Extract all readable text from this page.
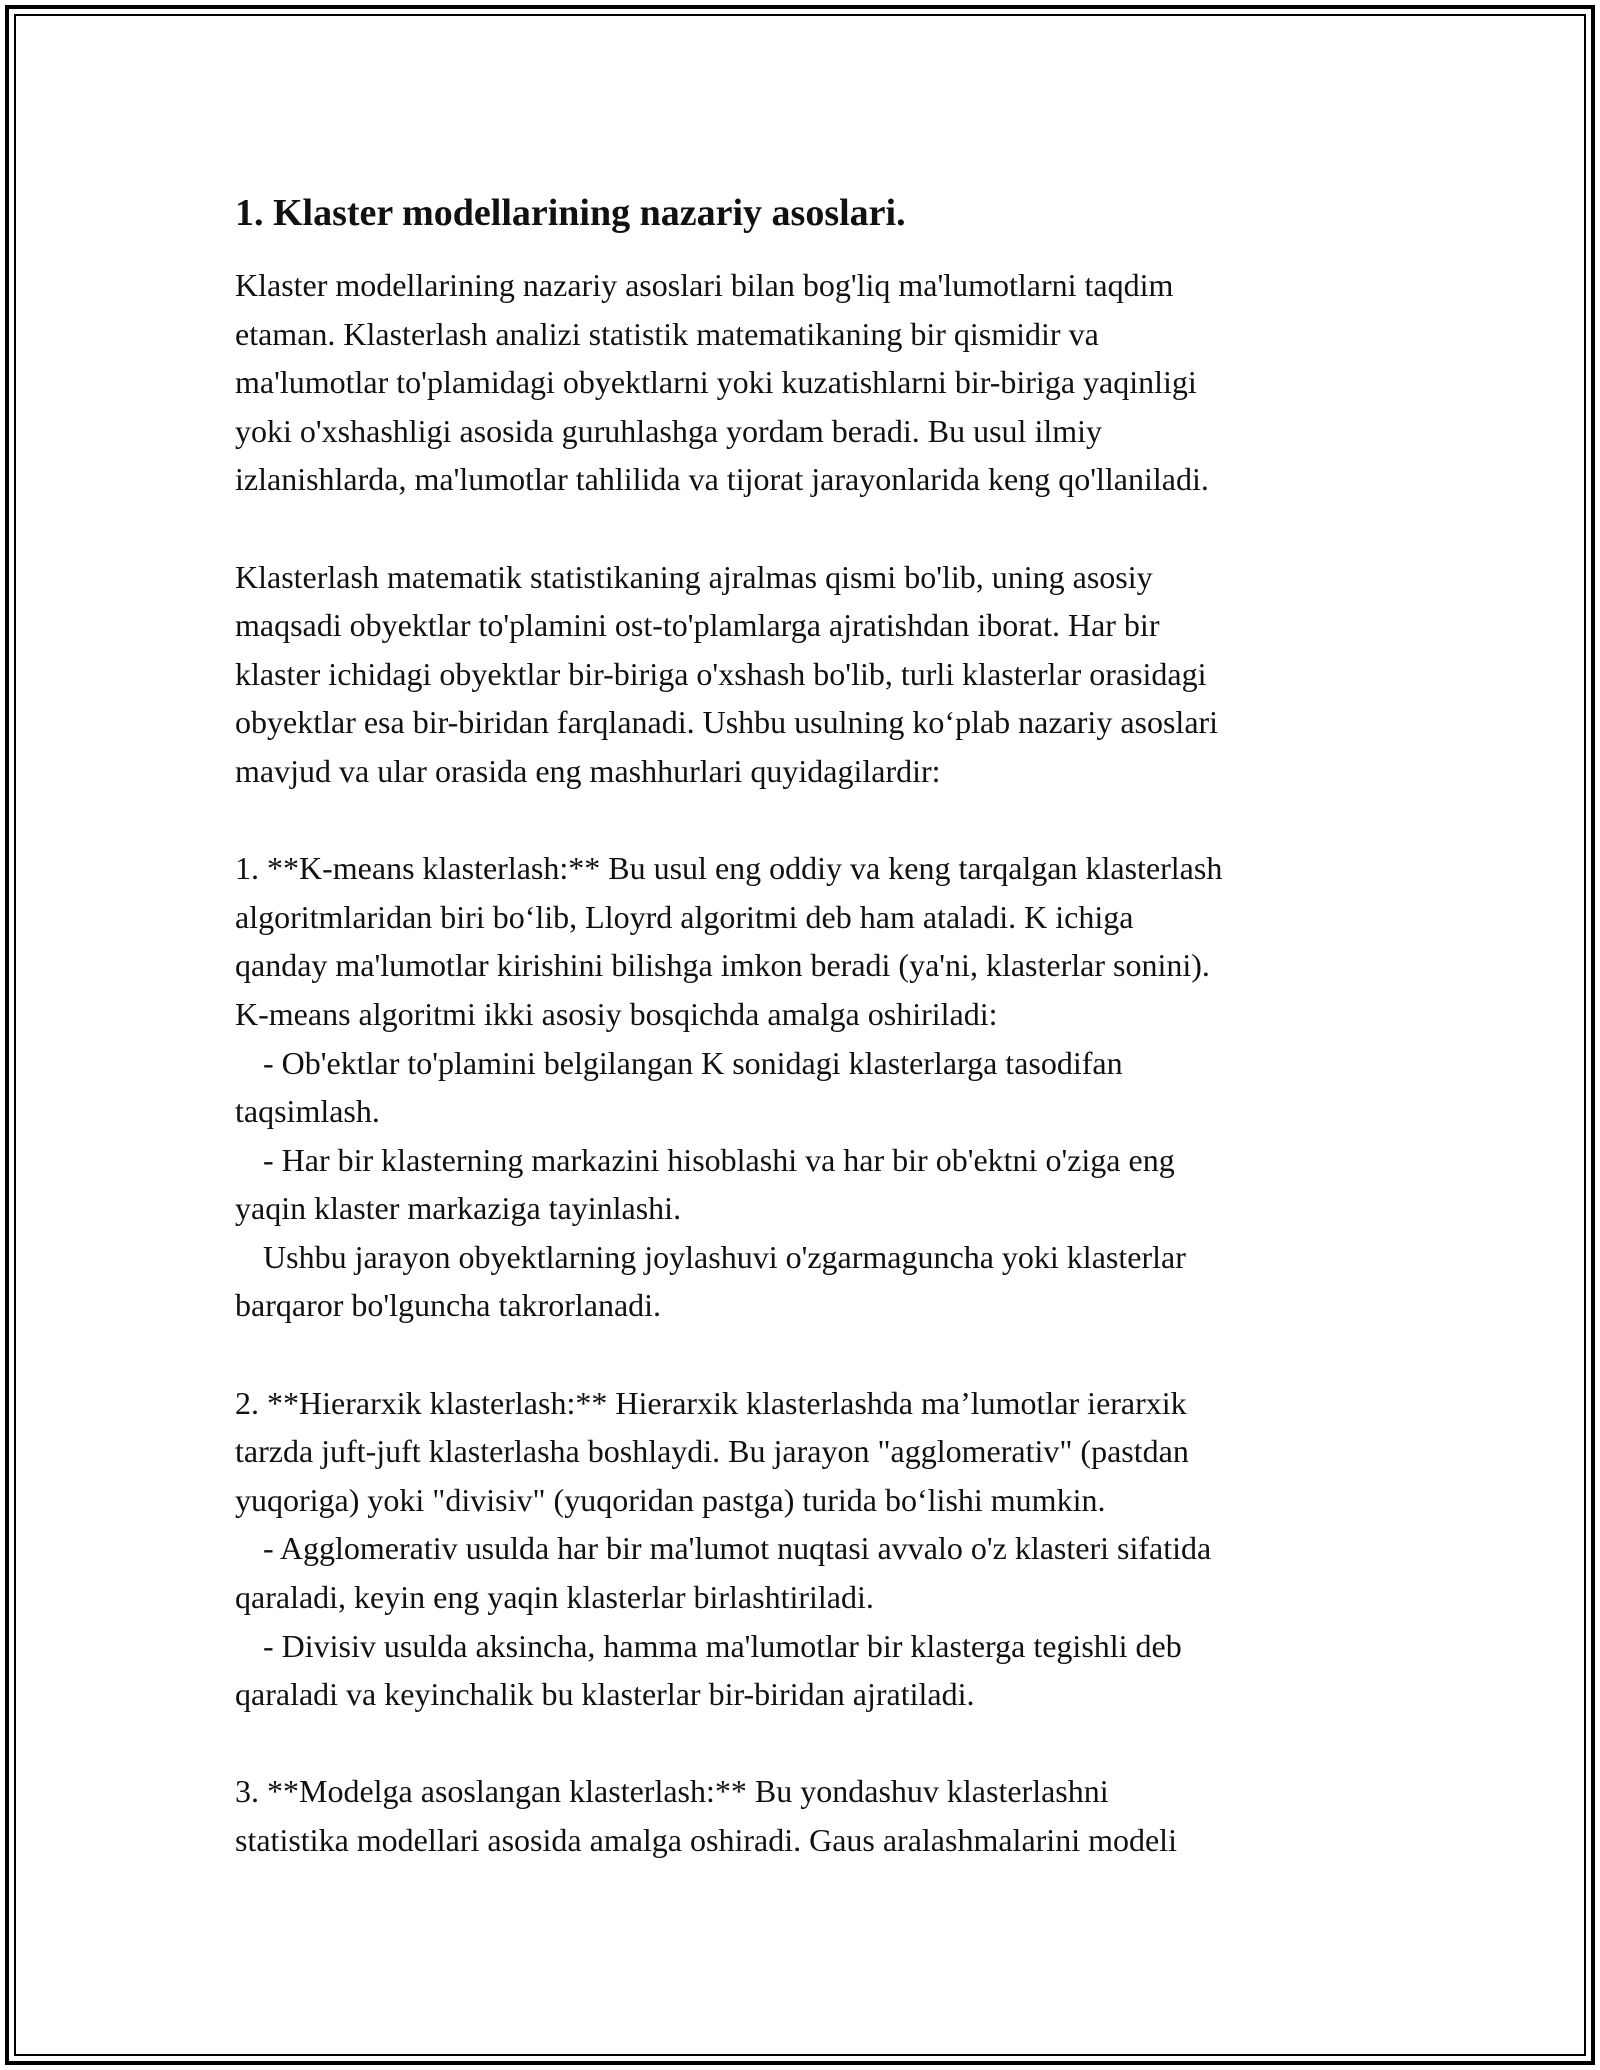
1. Klaster modellarining nazariy asoslari.
Klaster modellarining nazariy asoslari bilan bog'liq ma'lumotlarni taqdim
etaman. Klasterlash analizi statistik matematikaning bir qismidir va
ma'lumotlar to'plamidagi obyektlarni yoki kuzatishlarni bir-biriga yaqinligi
yoki o'xshashligi asosida guruhlashga yordam beradi. Bu usul ilmiy
izlanishlarda, ma'lumotlar tahlilida va tijorat jarayonlarida keng qo'llaniladi.
Klasterlash matematik statistikaning ajralmas qismi bo'lib, uning asosiy
maqsadi obyektlar to'plamini ost-to'plamlarga ajratishdan iborat. Har bir
klaster ichidagi obyektlar bir-biriga o'xshash bo'lib, turli klasterlar orasidagi
obyektlar esa bir-biridan farqlanadi. Ushbu usulning ko‘plab nazariy asoslari
mavjud va ular orasida eng mashhurlari quyidagilardir:
1. **K-means klasterlash:** Bu usul eng oddiy va keng tarqalgan klasterlash
algoritmlaridan biri bo‘lib, Lloyrd algoritmi deb ham ataladi. K ichiga
qanday ma'lumotlar kirishini bilishga imkon beradi (ya'ni, klasterlar sonini).
K-means algoritmi ikki asosiy bosqichda amalga oshiriladi:
- Ob'ektlar to'plamini belgilangan K sonidagi klasterlarga tasodifan
taqsimlash.
- Har bir klasterning markazini hisoblashi va har bir ob'ektni o'ziga eng
yaqin klaster markaziga tayinlashi.
Ushbu jarayon obyektlarning joylashuvi o'zgarmaguncha yoki klasterlar
barqaror bo'lguncha takrorlanadi.
2. **Hierarxik klasterlash:** Hierarxik klasterlashda ma’lumotlar ierarxik
tarzda juft-juft klasterlasha boshlaydi. Bu jarayon "agglomerativ" (pastdan
yuqoriga) yoki "divisiv" (yuqoridan pastga) turida bo‘lishi mumkin.
- Agglomerativ usulda har bir ma'lumot nuqtasi avvalo o'z klasteri sifatida
qaraladi, keyin eng yaqin klasterlar birlashtiriladi.
- Divisiv usulda aksincha, hamma ma'lumotlar bir klasterga tegishli deb
qaraladi va keyinchalik bu klasterlar bir-biridan ajratiladi.
3. **Modelga asoslangan klasterlash:** Bu yondashuv klasterlashni
statistika modellari asosida amalga oshiradi. Gaus aralashmalarini modeli
